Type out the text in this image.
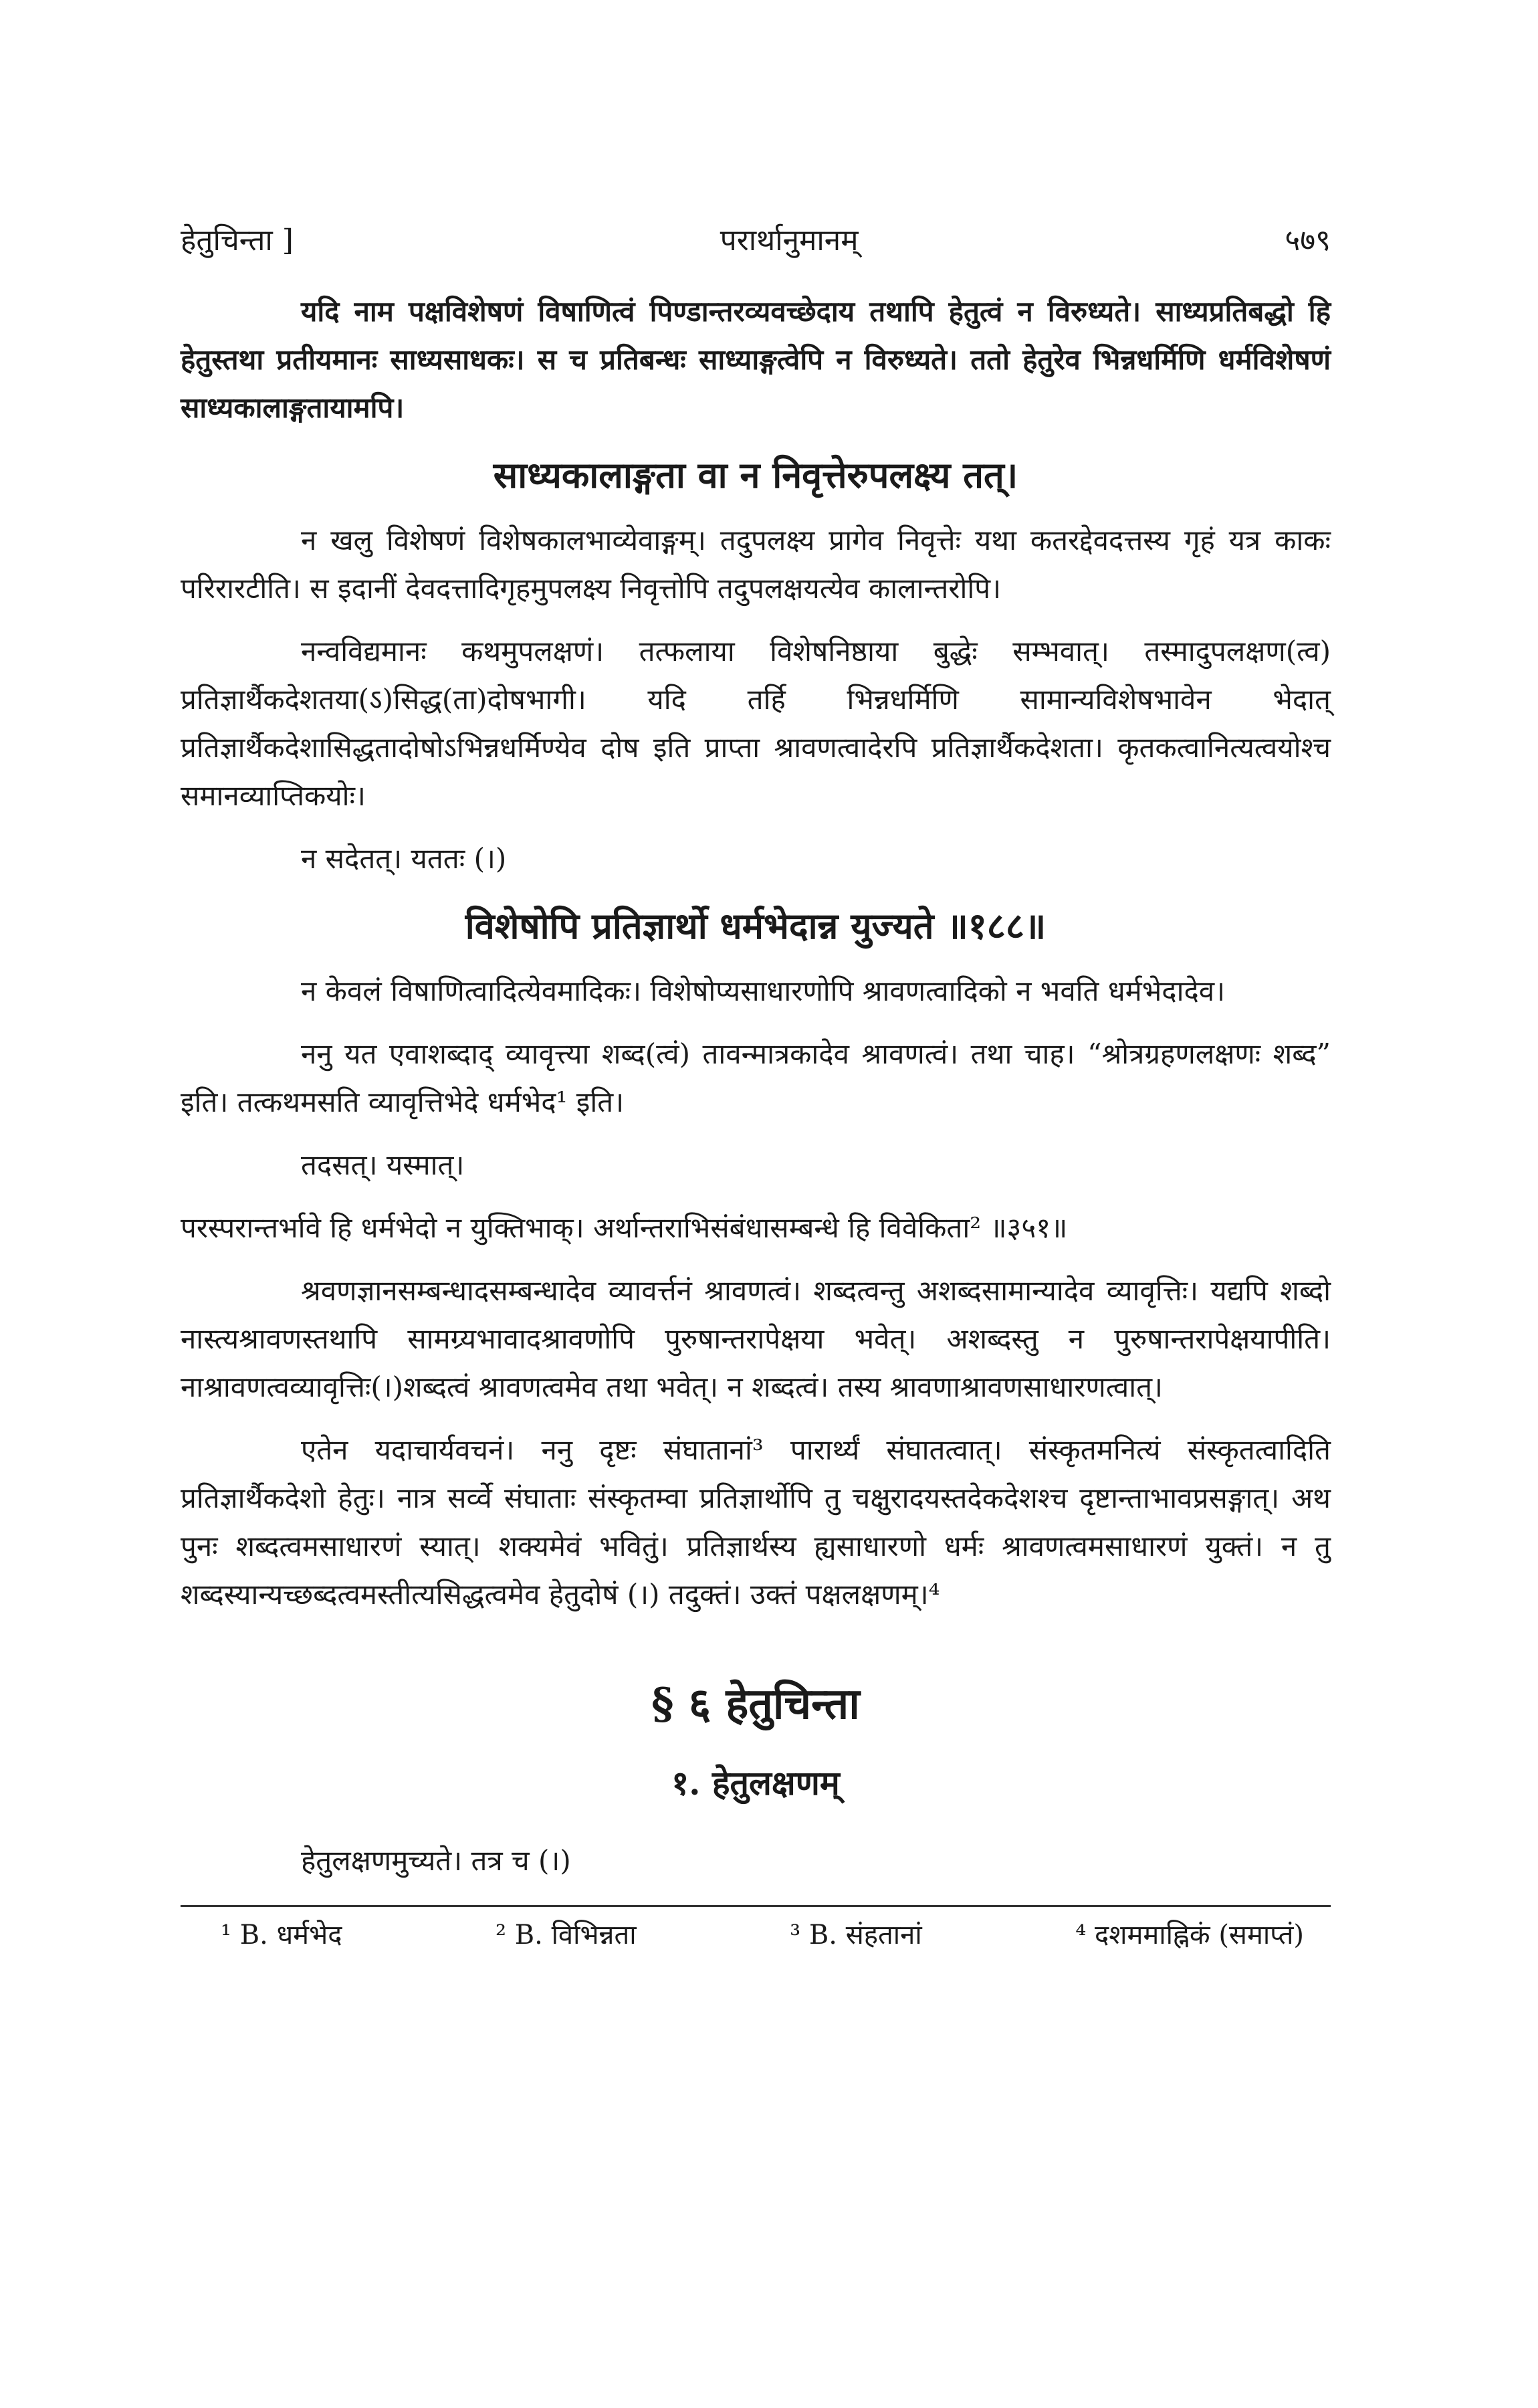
हेतुचिन्ता ]	परार्थानुमानम्	५७९

यदि नाम पक्षविशेषणं विषाणित्वं पिण्डान्तरव्यवच्छेदाय तथापि हेतुत्वं न विरुध्यते। साध्यप्रतिबद्धो हि हेतुस्तथा प्रतीयमानः साध्यसाधकः। स च प्रतिबन्धः साध्याङ्गत्वेपि न विरुध्यते। ततो हेतुरेव भिन्नधर्मिणि धर्मविशेषणं साध्यकालाङ्गतायामपि।

साध्यकालाङ्गता वा न निवृत्तेरुपलक्ष्य तत्।

न खलु विशेषणं विशेषकालभाव्येवाङ्गम्। तदुपलक्ष्य प्रागेव निवृत्तेः यथा कतरद्देवदत्तस्य गृहं यत्र काकः परिरारटीति। स इदानीं देवदत्तादिगृहमुपलक्ष्य निवृत्तोपि तदुपलक्षयत्येव कालान्तरोपि।

नन्वविद्यमानः कथमुपलक्षणं। तत्फलाया विशेषनिष्ठाया बुद्धेः सम्भवात्। तस्मादुपलक्षण(त्व) प्रतिज्ञार्थैकदेशतया(ऽ)सिद्ध(ता)दोषभागी। यदि तर्हि भिन्नधर्मिणि सामान्यविशेषभावेन भेदात् प्रतिज्ञार्थैकदेशासिद्धतादोषोऽभिन्नधर्मिण्येव दोष इति प्राप्ता श्रावणत्वादेरपि प्रतिज्ञार्थैकदेशता। कृतकत्वानित्यत्वयोश्च समानव्याप्तिकयोः।

न सदेतत्। यततः (।)

विशेषोपि प्रतिज्ञार्थो धर्मभेदान्न युज्यते ॥१८८॥

न केवलं विषाणित्वादित्येवमादिकः। विशेषोप्यसाधारणोपि श्रावणत्वादिको न भवति धर्मभेदादेव।

ननु यत एवाशब्दाद् व्यावृत्त्या शब्द(त्वं) तावन्मात्रकादेव श्रावणत्वं। तथा चाह। “श्रोत्रग्रहणलक्षणः शब्द” इति। तत्कथमसति व्यावृत्तिभेदे धर्मभेद¹ इति।

तदसत्। यस्मात्।

परस्परान्तर्भावे हि धर्मभेदो न युक्तिभाक्। अर्थान्तराभिसंबंधासम्बन्धे हि विवेकिता² ॥३५१॥

श्रवणज्ञानसम्बन्धादसम्बन्धादेव व्यावर्त्तनं श्रावणत्वं। शब्दत्वन्तु अशब्दसामान्यादेव व्यावृत्तिः। यद्यपि शब्दो नास्त्यश्रावणस्तथापि सामग्र्यभावादश्रावणोपि पुरुषान्तरापेक्षया भवेत्। अशब्दस्तु न पुरुषान्तरापेक्षयापीति। नाश्रावणत्वव्यावृत्तिः(।)शब्दत्वं श्रावणत्वमेव तथा भवेत्। न शब्दत्वं। तस्य श्रावणाश्रावणसाधारणत्वात्।

एतेन यदाचार्यवचनं। ननु दृष्टः संघातानां³ पारार्थ्यं संघातत्वात्। संस्कृतमनित्यं संस्कृतत्वादिति प्रतिज्ञार्थैकदेशो हेतुः। नात्र सर्व्वे संघाताः संस्कृतम्वा प्रतिज्ञार्थोपि तु चक्षुरादयस्तदेकदेशश्च दृष्टान्ताभावप्रसङ्गात्। अथ पुनः शब्दत्वमसाधारणं स्यात्। शक्यमेवं भवितुं। प्रतिज्ञार्थस्य ह्यसाधारणो धर्मः श्रावणत्वमसाधारणं युक्तं। न तु शब्दस्यान्यच्छब्दत्वमस्तीत्यसिद्धत्वमेव हेतुदोषं (।) तदुक्तं। उक्तं पक्षलक्षणम्।⁴

§ ६ हेतुचिन्ता
१. हेतुलक्षणम्

हेतुलक्षणमुच्यते। तत्र च (।)

¹ B. धर्मभेद	² B. विभिन्नता	³ B. संहतानां	⁴ दशममाह्निकं (समाप्तं)
